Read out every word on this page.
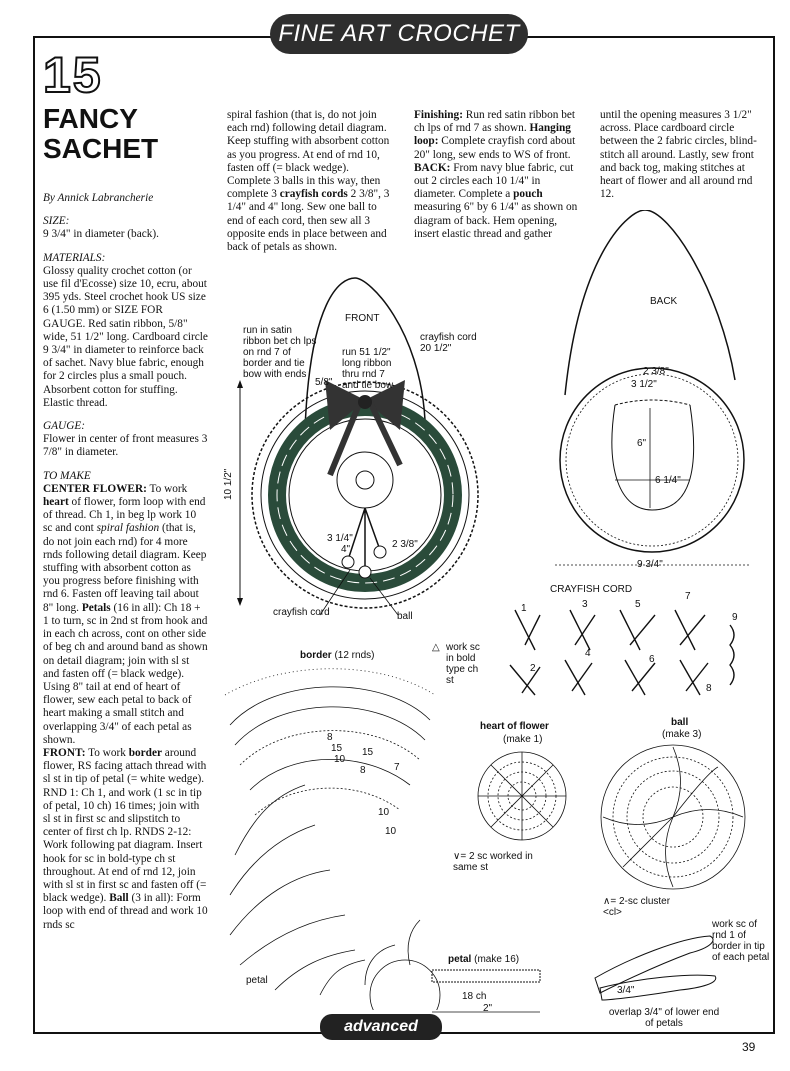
FINE ART CROCHET
15
FANCY
SACHET

By Annick Labrancherie

SIZE:

9 3/4" in diameter (back).

MATERIALS:

Glossy quality crochet cotton (or use fil d'Ecosse) size 10, ecru, about 395 yds. Steel crochet hook US size 6 (1.50 mm) or SIZE FOR GAUGE. Red satin ribbon, 5/8" wide, 51 1/2" long. Cardboard circle 9 3/4" in diameter to reinforce back of sachet. Navy blue fabric, enough for 2 circles plus a small pouch. Absorbent cotton for stuffing. Elastic thread.

GAUGE:

Flower in center of front measures 3 7/8" in diameter.

TO MAKE

CENTER FLOWER: To work heart of flower, form loop with end of thread. Ch 1, in beg lp work 10 sc and cont spiral fashion (that is, do not join each rnd) for 4 more rnds following detail diagram. Keep stuffing with absorbent cotton as you progress before finishing with rnd 6. Fasten off leaving tail about 8" long. Petals (16 in all): Ch 18 + 1 to turn, sc in 2nd st from hook and in each ch across, cont on other side of beg ch and around band as shown on detail diagram; join with sl st and fasten off (= black wedge). Using 8" tail at end of heart of flower, sew each petal to back of heart making a small stitch and overlapping 3/4" of each petal as shown.

FRONT: To work border around flower, RS facing attach thread with sl st in tip of petal (= white wedge). RND 1: Ch 1, and work (1 sc in tip of petal, 10 ch) 16 times; join with sl st in first sc and slipstitch to center of first ch lp. RNDS 2-12: Work following pat diagram. Insert hook for sc in bold-type ch st throughout. At end of rnd 12, join with sl st in first sc and fasten off (= black wedge). Ball (3 in all): Form loop with end of thread and work 10 rnds sc

spiral fashion (that is, do not join each rnd) following detail diagram. Keep stuffing with absorbent cotton as you progress. At end of rnd 10, fasten off (= black wedge). Complete 3 balls in this way, then complete 3 crayfish cords 2 3/8", 3 1/4" and 4" long. Sew one ball to end of each cord, then sew all 3 opposite ends in place between and back of petals as shown.

Finishing: Run red satin ribbon bet ch lps of rnd 7 as shown. Hanging loop: Complete crayfish cord about 20" long, sew ends to WS of front.

BACK: From navy blue fabric, cut out 2 circles each 10 1/4" in diameter. Complete a pouch measuring 6" by 6 1/4" as shown on diagram of back. Hem opening, insert elastic thread and gather

until the opening measures 3 1/2" across. Place cardboard circle between the 2 fabric circles, blind-stitch all around. Lastly, sew front and back tog, making stitches at heart of flower and all around rnd 12.

FRONT
run in satin ribbon bet ch lps on rnd 7 of border and tie bow with ends
run 51 1/2" long ribbon thru rnd 7 and tie bow
crayfish cord 20 1/2"
5/8"
10 1/2"
3 1/4"
4"	2 3/8"
crayfish cord	ball
BACK
2 3/8"
3 1/2"
6"
6 1/4"
9 3/4"
CRAYFISH CORD
1
2
3
4
5
6
7
8
9
border (12 rnds)
8
15
10
15
8
10
10
7
petal
△ work sc in bold type ch st
heart of flower
(make 1)
∨= 2 sc worked in same st
ball
(make 3)
∧= 2-sc cluster <cl>
petal (make 16)
18 ch
2"
work sc of rnd 1 of border in tip of each petal
3/4"
overlap 3/4" of lower end of petals
advanced
39
